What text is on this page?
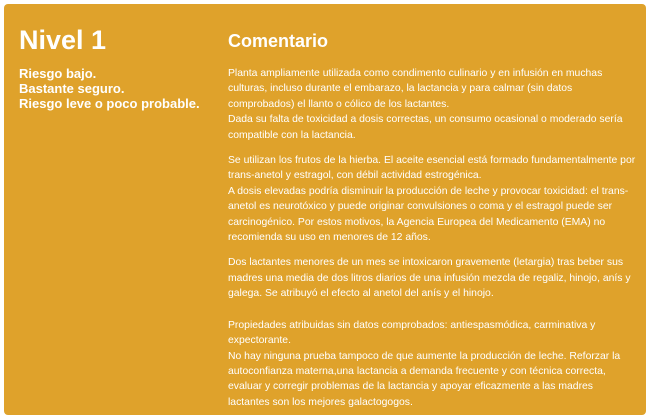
Nivel 1
Riesgo bajo.
Bastante seguro.
Riesgo leve o poco probable.
Comentario

Planta ampliamente utilizada como condimento culinario y en infusión en muchas culturas, incluso durante el embarazo, la lactancia y para calmar (sin datos comprobados) el llanto o cólico de los lactantes.
Dada su falta de toxicidad a dosis correctas, un consumo ocasional o moderado sería compatible con la lactancia.

Se utilizan los frutos de la hierba. El aceite esencial está formado fundamentalmente por trans-anetol y estragol, con débil actividad estrogénica.
A dosis elevadas podría disminuir la producción de leche y provocar toxicidad: el trans-anetol es neurotóxico y puede originar convulsiones o coma y el estragol puede ser carcinogénico. Por estos motivos, la Agencia Europea del Medicamento (EMA) no recomienda su uso en menores de 12 años.

Dos lactantes menores de un mes se intoxicaron gravemente (letargia) tras beber sus madres una media de dos litros diarios de una infusión mezcla de regaliz, hinojo, anís y galega. Se atribuyó el efecto al anetol del anís y el hinojo.

Propiedades atribuidas sin datos comprobados: antiespasmódica, carminativa y expectorante.
No hay ninguna prueba tampoco de que aumente la producción de leche. Reforzar la autoconfianza materna,una lactancia a demanda frecuente y con técnica correcta, evaluar y corregir problemas de la lactancia y apoyar eficazmente a las madres lactantes son los mejores galactogogos.
